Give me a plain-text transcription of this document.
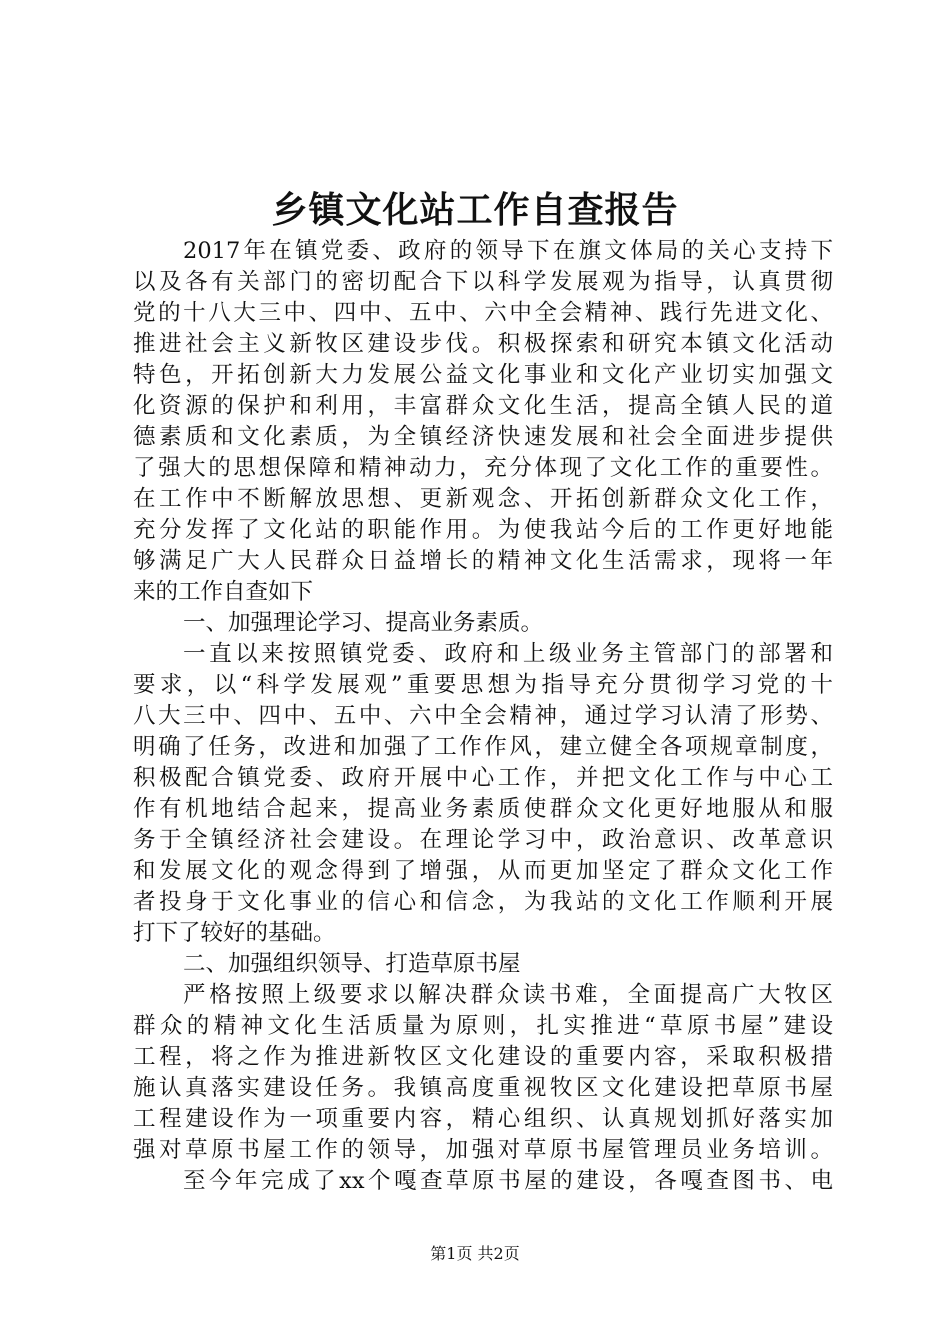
乡镇文化站工作自查报告
2017年在镇党委、政府的领导下在旗文体局的关心支持下
以及各有关部门的密切配合下以科学发展观为指导，认真贯彻
党的十八大三中、四中、五中、六中全会精神、践行先进文化、
推进社会主义新牧区建设步伐。积极探索和研究本镇文化活动
特色，开拓创新大力发展公益文化事业和文化产业切实加强文
化资源的保护和利用，丰富群众文化生活，提高全镇人民的道
德素质和文化素质，为全镇经济快速发展和社会全面进步提供
了强大的思想保障和精神动力，充分体现了文化工作的重要性。
在工作中不断解放思想、更新观念、开拓创新群众文化工作，
充分发挥了文化站的职能作用。为使我站今后的工作更好地能
够满足广大人民群众日益增长的精神文化生活需求，现将一年
来的工作自查如下
一、加强理论学习、提高业务素质。
一直以来按照镇党委、政府和上级业务主管部门的部署和
要求，以“科学发展观”重要思想为指导充分贯彻学习党的十
八大三中、四中、五中、六中全会精神，通过学习认清了形势、
明确了任务，改进和加强了工作作风，建立健全各项规章制度，
积极配合镇党委、政府开展中心工作，并把文化工作与中心工
作有机地结合起来，提高业务素质使群众文化更好地服从和服
务于全镇经济社会建设。在理论学习中，政治意识、改革意识
和发展文化的观念得到了增强，从而更加坚定了群众文化工作
者投身于文化事业的信心和信念，为我站的文化工作顺利开展
打下了较好的基础。
二、加强组织领导、打造草原书屋
严格按照上级要求以解决群众读书难，全面提高广大牧区
群众的精神文化生活质量为原则，扎实推进“草原书屋”建设
工程，将之作为推进新牧区文化建设的重要内容，采取积极措
施认真落实建设任务。我镇高度重视牧区文化建设把草原书屋
工程建设作为一项重要内容，精心组织、认真规划抓好落实加
强对草原书屋工作的领导，加强对草原书屋管理员业务培训。
至今年完成了xx个嘎查草原书屋的建设，各嘎查图书、电
第1页 共2页
